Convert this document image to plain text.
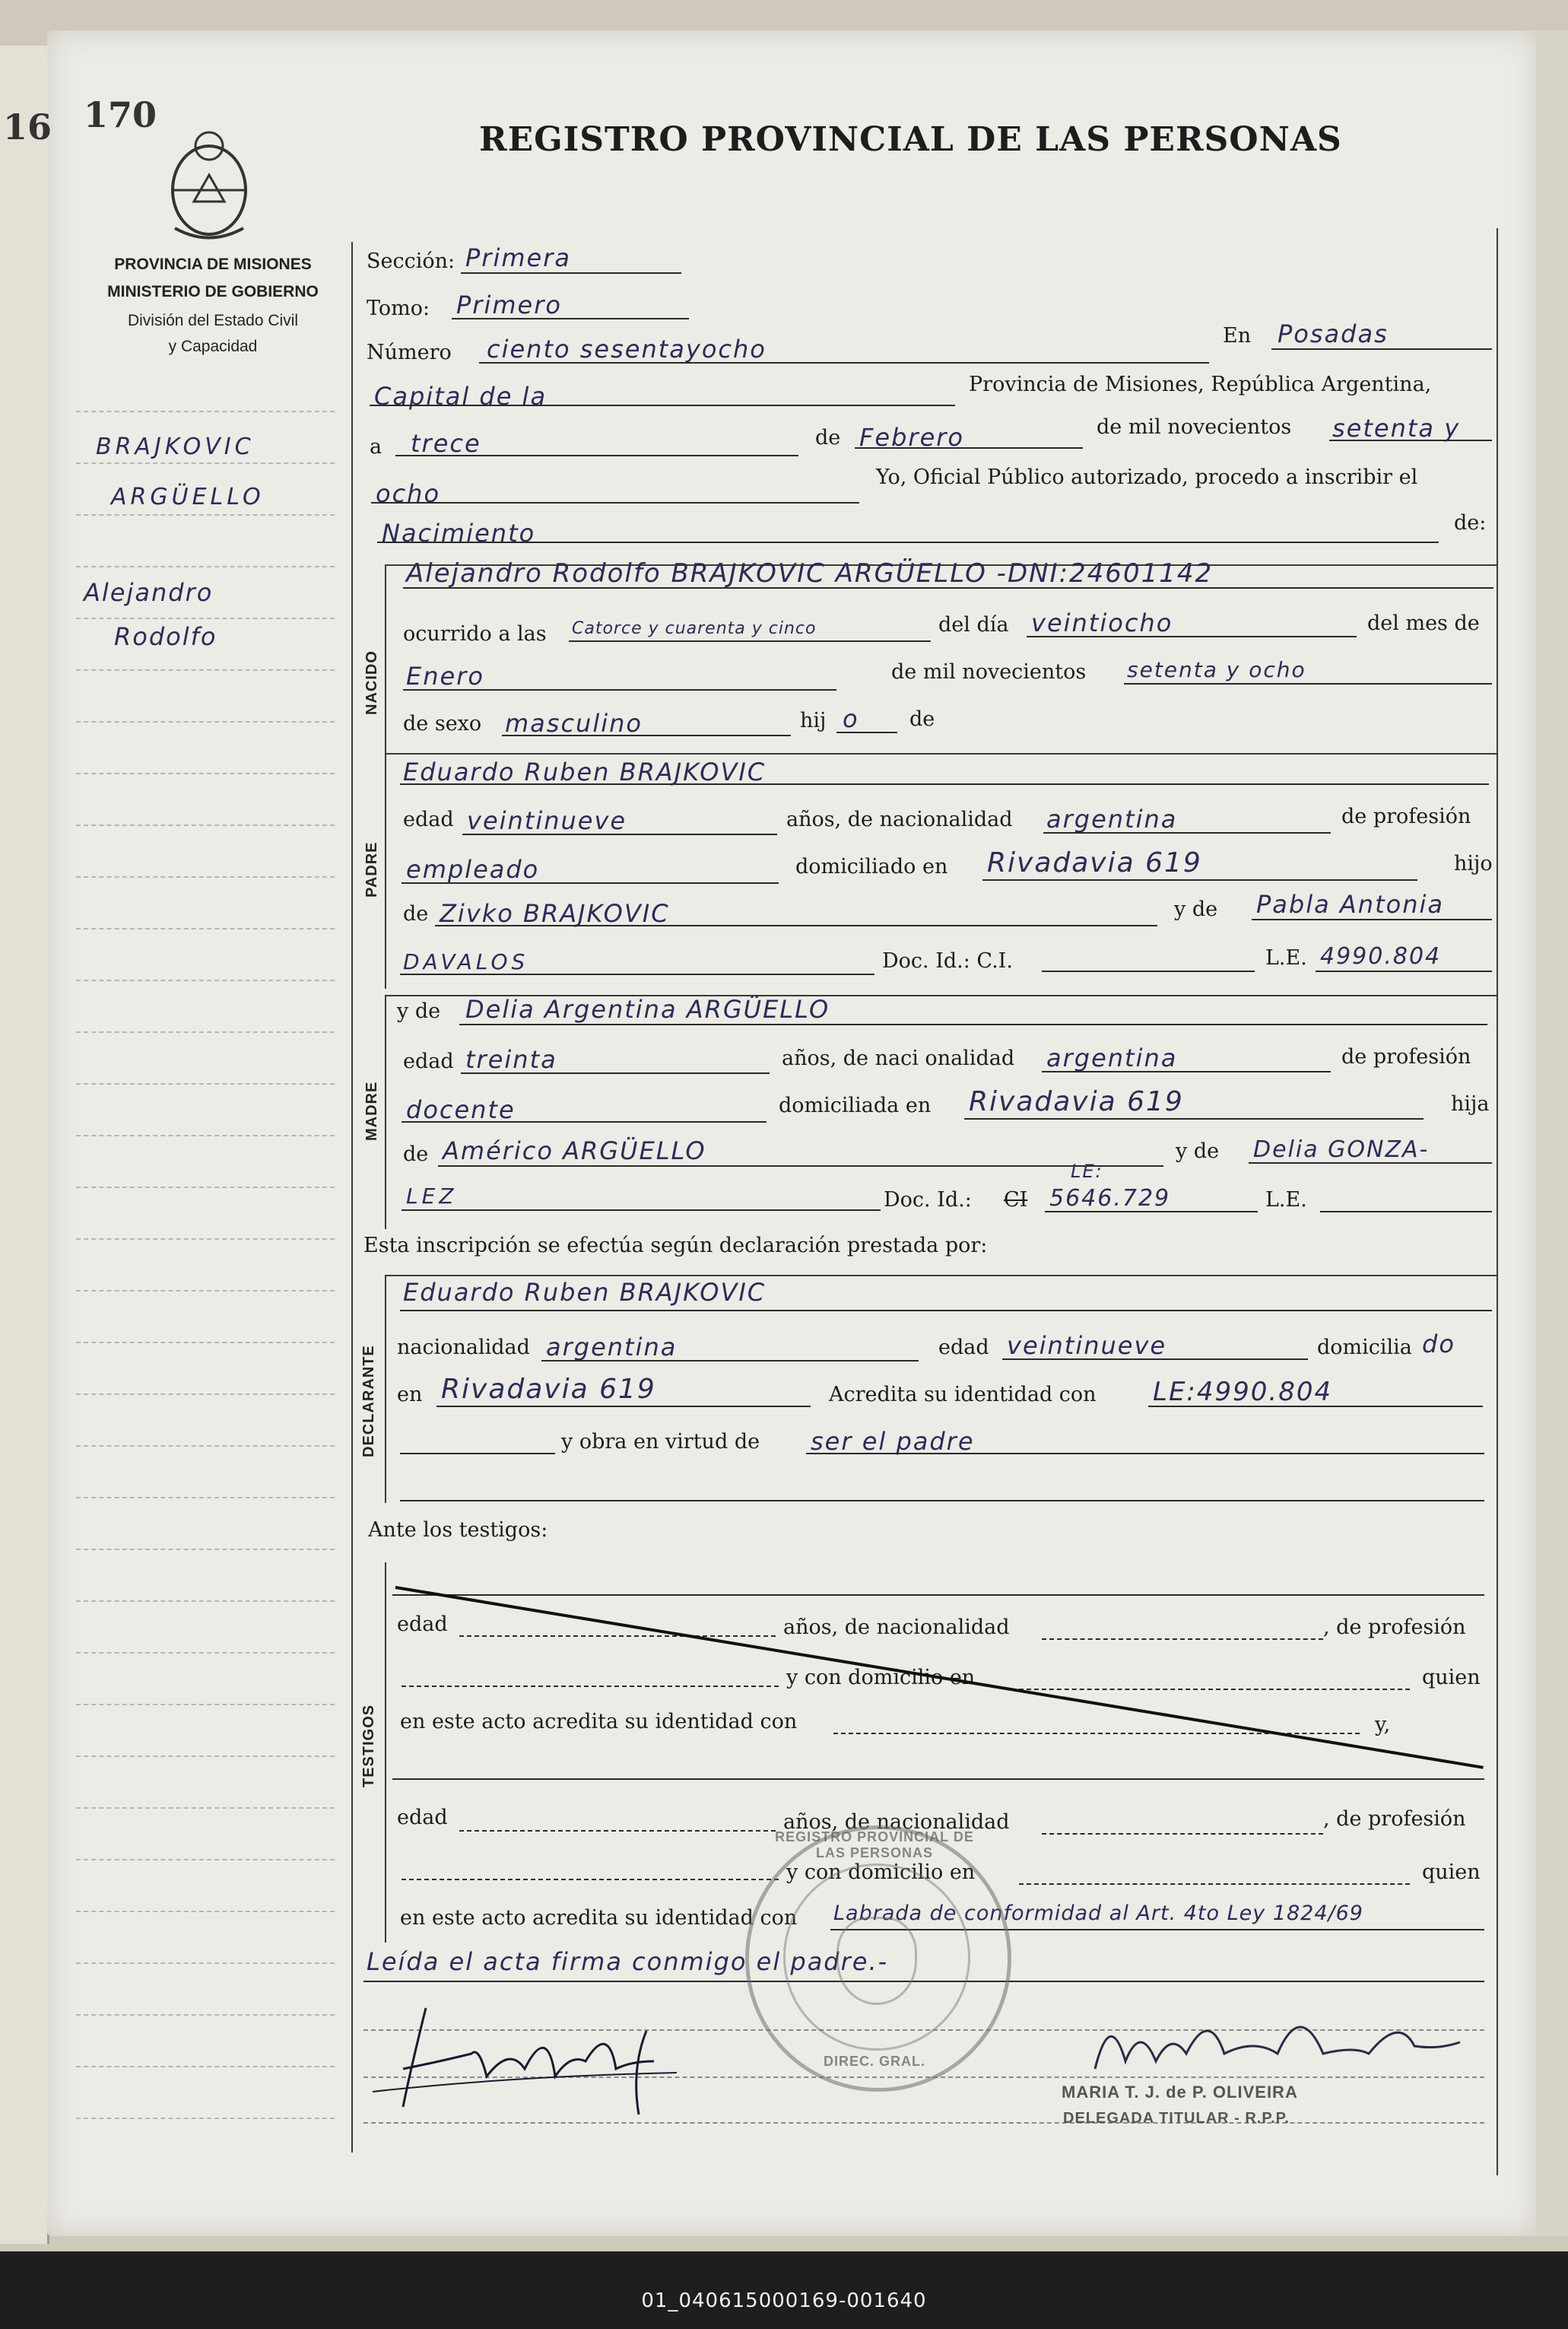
16 170
REGISTRO PROVINCIAL DE LAS PERSONAS
PROVINCIA DE MISIONES
MINISTERIO DE GOBIERNO
División del Estado Civil
y Capacidad
BRAJKOVIC
ARGÜELLO
Alejandro
Rodolfo
Sección: Primera
Tomo: Primero
Número ciento sesentayocho	En Posadas
Capital de la	Provincia de Misiones, República Argentina,
a trece	de Febrero	de mil novecientos setenta y
ocho
Yo, Oficial Público autorizado, procedo a inscribir el
Nacimiento	de:
NACIDO
Alejandro Rodolfo BRAJKOVIC ARGÜELLO -DNI:24601142
ocurrido a las Catorce y cuarenta y cinco	del día veintiocho	del mes de
Enero	de mil novecientos setenta y ocho
de sexo masculino	hij o de
PADRE
Eduardo Ruben BRAJKOVIC
edad veintinueve	años, de nacionalidad argentina	de profesión
empleado	domiciliado en Rivadavia 619	hijo
de Zivko BRAJKOVIC	y de Pabla Antonia
DAVALOS	Doc. Id.: C.I.	L.E. 4990.804
MADRE
y de Delia Argentina ARGÜELLO
edad treinta	años, de naci onalidad argentina	de profesión
docente	domiciliada en Rivadavia 619	hija
de Américo ARGÜELLO	y de Delia GONZA-
LEZ	Doc. Id.: CI
LE:
5646.729	L.E.
Esta inscripción se efectúa según declaración prestada por:
DECLARANTE
Eduardo Ruben BRAJKOVIC
nacionalidad argentina	edad veintinueve	domicilia do
en Rivadavia 619	Acredita su identidad con LE:4990.804
y obra en virtud de ser el padre
Ante los testigos:
TESTIGOS
edad	años, de nacionalidad	, de profesión
y con domicilio en	quien
en este acto acredita su identidad con	y,
edad	años, de nacionalidad	, de profesión
y con domicilio en	quien
en este acto acredita su identidad con Labrada de conformidad al Art. 4to Ley 1824/69
Leída el acta firma conmigo el padre.-
REGISTRO PROVINCIAL DE LAS PERSONAS
DIREC. GRAL.
MARIA T. J. de P. OLIVEIRA
DELEGADA TITULAR - R.P.P.
01_040615000169-001640
